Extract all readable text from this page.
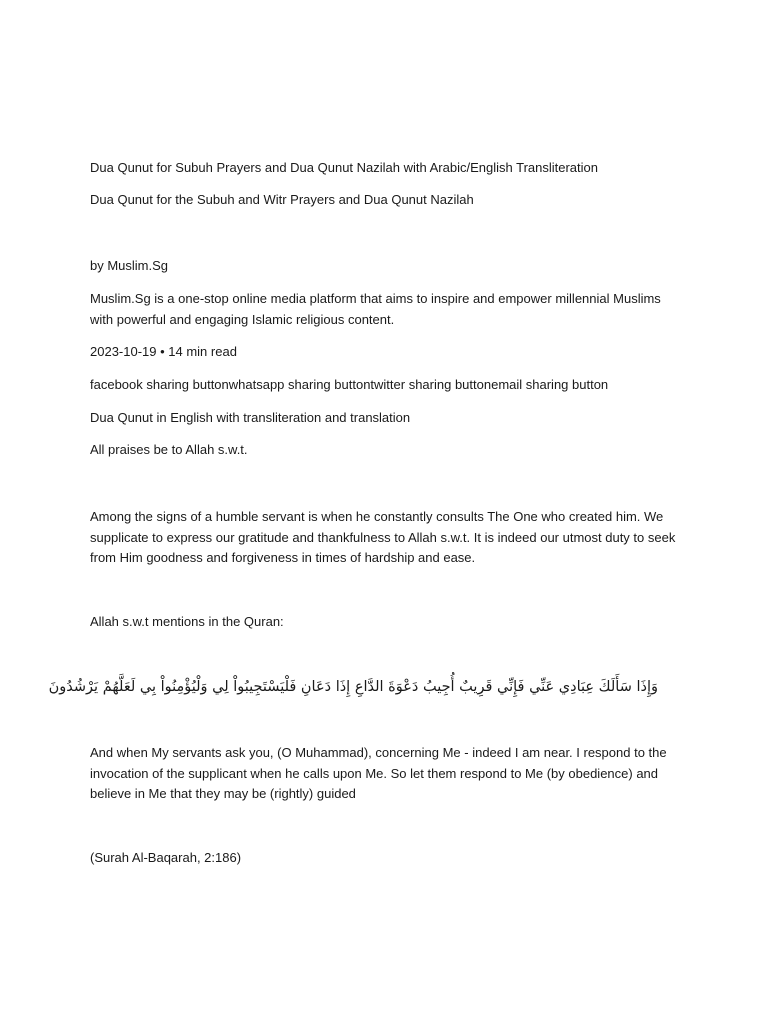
Dua Qunut for Subuh Prayers and Dua Qunut Nazilah with Arabic/English Transliteration

Dua Qunut for the Subuh and Witr Prayers and Dua Qunut Nazilah

by Muslim.Sg

Muslim.Sg is a one-stop online media platform that aims to inspire and empower millennial Muslims with powerful and engaging Islamic religious content.

2023-10-19 • 14 min read

facebook sharing buttonwhatsapp sharing buttontwitter sharing buttonemail sharing button

Dua Qunut in English with transliteration and translation

All praises be to Allah s.w.t.

Among the signs of a humble servant is when he constantly consults The One who created him. We supplicate to express our gratitude and thankfulness to Allah s.w.t. It is indeed our utmost duty to seek from Him goodness and forgiveness in times of hardship and ease.

Allah s.w.t mentions in the Quran:

وَإِذَا سَأَلَكَ عِبَادِي عَنِّي فَإِنِّي قَرِيبٌ أُجِيبُ دَعْوَةَ الدَّاعِ إِذَا دَعَانِ فَلْيَسْتَجِيبُواْ لِي وَلْيُؤْمِنُواْ بِي لَعَلَّهُمْ يَرْشُدُونَ

And when My servants ask you, (O Muhammad), concerning Me - indeed I am near. I respond to the invocation of the supplicant when he calls upon Me. So let them respond to Me (by obedience) and believe in Me that they may be (rightly) guided

(Surah Al-Baqarah, 2:186)
